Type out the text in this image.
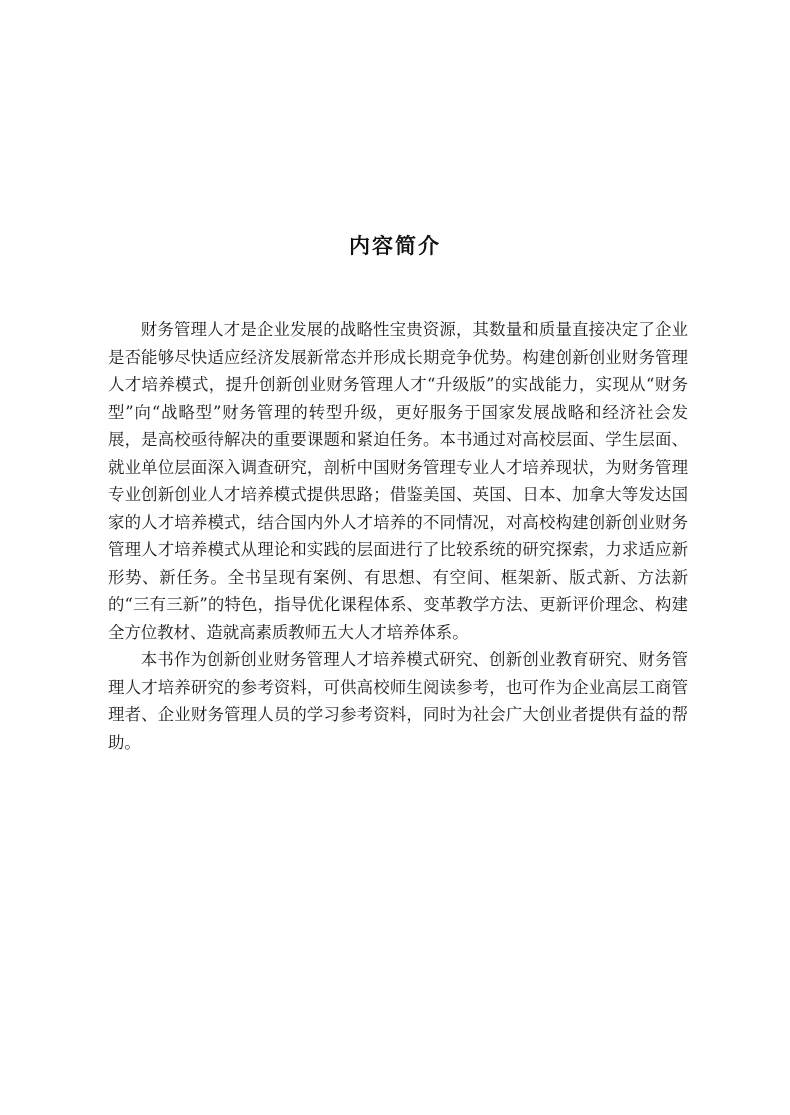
内容简介

财务管理人才是企业发展的战略性宝贵资源，其数量和质量直接决定了企业是否能够尽快适应经济发展新常态并形成长期竞争优势。构建创新创业财务管理人才培养模式，提升创新创业财务管理人才“升级版”的实战能力，实现从“财务型”向“战略型”财务管理的转型升级，更好服务于国家发展战略和经济社会发展，是高校亟待解决的重要课题和紧迫任务。本书通过对高校层面、学生层面、就业单位层面深入调查研究，剖析中国财务管理专业人才培养现状，为财务管理专业创新创业人才培养模式提供思路；借鉴美国、英国、日本、加拿大等发达国家的人才培养模式，结合国内外人才培养的不同情况，对高校构建创新创业财务管理人才培养模式从理论和实践的层面进行了比较系统的研究探索，力求适应新形势、新任务。全书呈现有案例、有思想、有空间、框架新、版式新、方法新的“三有三新”的特色，指导优化课程体系、变革教学方法、更新评价理念、构建全方位教材、造就高素质教师五大人才培养体系。

本书作为创新创业财务管理人才培养模式研究、创新创业教育研究、财务管理人才培养研究的参考资料，可供高校师生阅读参考，也可作为企业高层工商管理者、企业财务管理人员的学习参考资料，同时为社会广大创业者提供有益的帮助。
